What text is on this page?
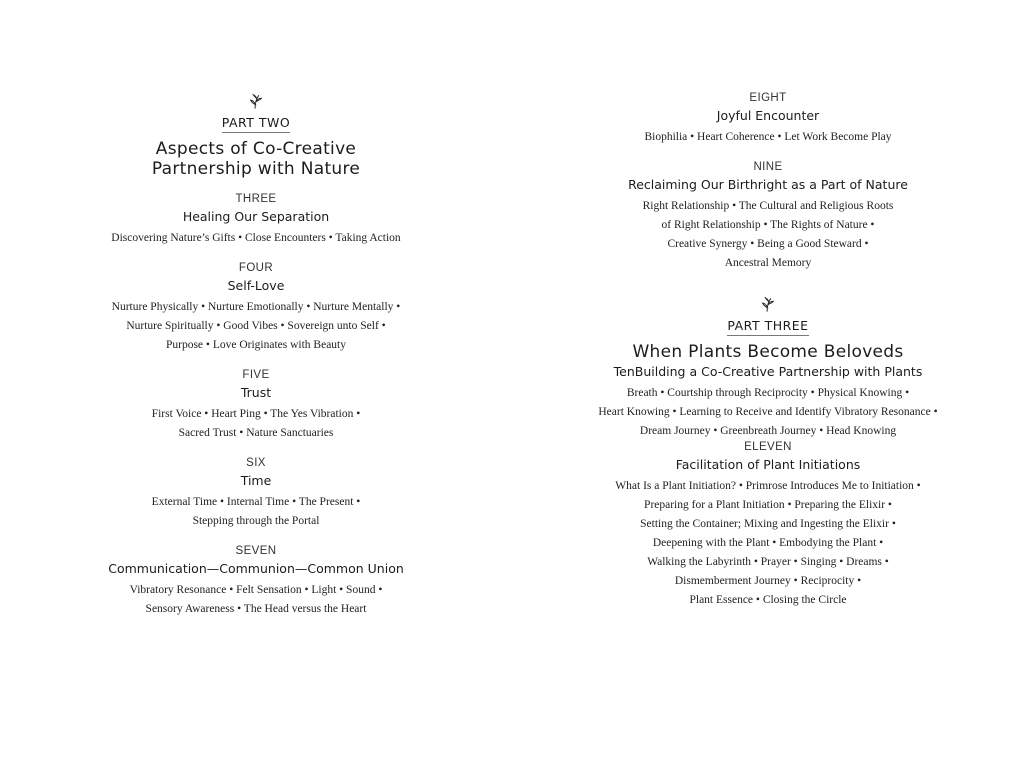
PART TWO
Aspects of Co-Creative
Partnership with Nature
THREE
Healing Our Separation
Discovering Nature’s Gifts • Close Encounters • Taking Action
FOUR
Self-Love
Nurture Physically • Nurture Emotionally • Nurture Mentally •
Nurture Spiritually • Good Vibes • Sovereign unto Self •
Purpose • Love Originates with Beauty
FIVE
Trust
First Voice • Heart Ping • The Yes Vibration •
Sacred Trust • Nature Sanctuaries
SIX
Time
External Time • Internal Time • The Present •
Stepping through the Portal
SEVEN
Communication—Communion—Common Union
Vibratory Resonance • Felt Sensation • Light • Sound •
Sensory Awareness • The Head versus the Heart
EIGHT
Joyful Encounter
Biophilia • Heart Coherence • Let Work Become Play
NINE
Reclaiming Our Birthright as a Part of Nature
Right Relationship • The Cultural and Religious Roots
of Right Relationship • The Rights of Nature •
Creative Synergy • Being a Good Steward •
Ancestral Memory
PART THREE
When Plants Become Beloveds
TenBuilding a Co-Creative Partnership with Plants
Breath • Courtship through Reciprocity • Physical Knowing •
Heart Knowing • Learning to Receive and Identify Vibratory Resonance •
Dream Journey • Greenbreath Journey • Head Knowing
ELEVEN
Facilitation of Plant Initiations
What Is a Plant Initiation? • Primrose Introduces Me to Initiation •
Preparing for a Plant Initiation • Preparing the Elixir •
Setting the Container; Mixing and Ingesting the Elixir •
Deepening with the Plant • Embodying the Plant •
Walking the Labyrinth • Prayer • Singing • Dreams •
Dismemberment Journey • Reciprocity •
Plant Essence • Closing the Circle
